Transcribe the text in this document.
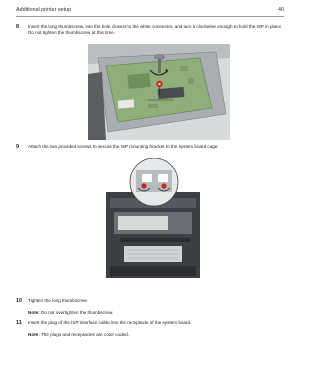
Additional printer setup	40
8 Insert the long thumbscrew, into the hole closest to the white connector, and turn it clockwise enough to hold the ISP in place. Do not tighten the thumbscrew at this time.
9 Attach the two provided screws to secure the ISP mounting bracket to the system board cage.
10 Tighten the long thumbscrew.
Note: Do not overtighten the thumbscrew.
11 Insert the plug of the ISP interface cable into the receptacle of the system board.
Note: The plugs and receptacles are color coded.
